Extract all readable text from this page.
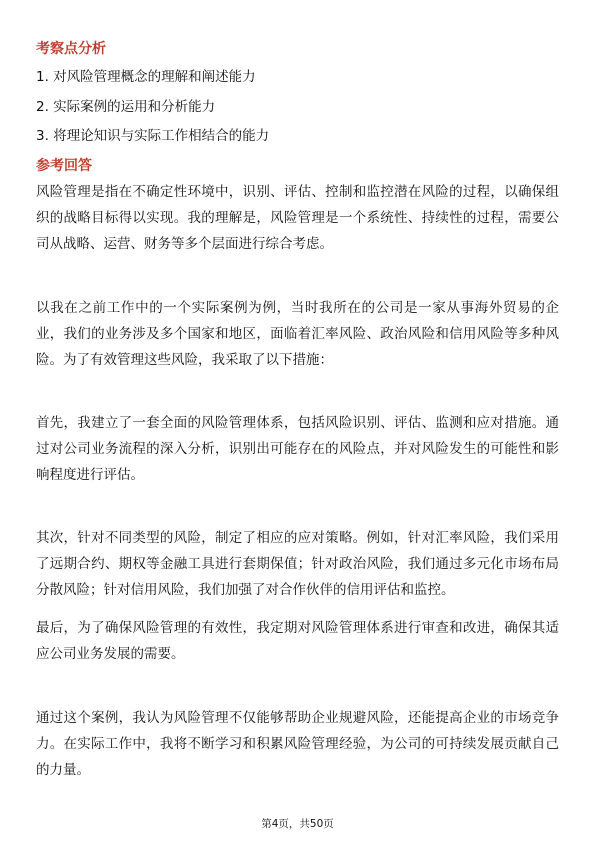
考察点分析

1. 对风险管理概念的理解和阐述能力

2. 实际案例的运用和分析能力

3. 将理论知识与实际工作相结合的能力

参考回答

风险管理是指在不确定性环境中，识别、评估、控制和监控潜在风险的过程，以确保组织的战略目标得以实现。我的理解是，风险管理是一个系统性、持续性的过程，需要公司从战略、运营、财务等多个层面进行综合考虑。

以我在之前工作中的一个实际案例为例，当时我所在的公司是一家从事海外贸易的企业，我们的业务涉及多个国家和地区，面临着汇率风险、政治风险和信用风险等多种风险。为了有效管理这些风险，我采取了以下措施：

首先，我建立了一套全面的风险管理体系，包括风险识别、评估、监测和应对措施。通过对公司业务流程的深入分析，识别出可能存在的风险点，并对风险发生的可能性和影响程度进行评估。

其次，针对不同类型的风险，制定了相应的应对策略。例如，针对汇率风险，我们采用了远期合约、期权等金融工具进行套期保值；针对政治风险，我们通过多元化市场布局分散风险；针对信用风险，我们加强了对合作伙伴的信用评估和监控。

最后，为了确保风险管理的有效性，我定期对风险管理体系进行审查和改进，确保其适应公司业务发展的需要。

通过这个案例，我认为风险管理不仅能够帮助企业规避风险，还能提高企业的市场竞争力。在实际工作中，我将不断学习和积累风险管理经验，为公司的可持续发展贡献自己的力量。

第4页，共50页
